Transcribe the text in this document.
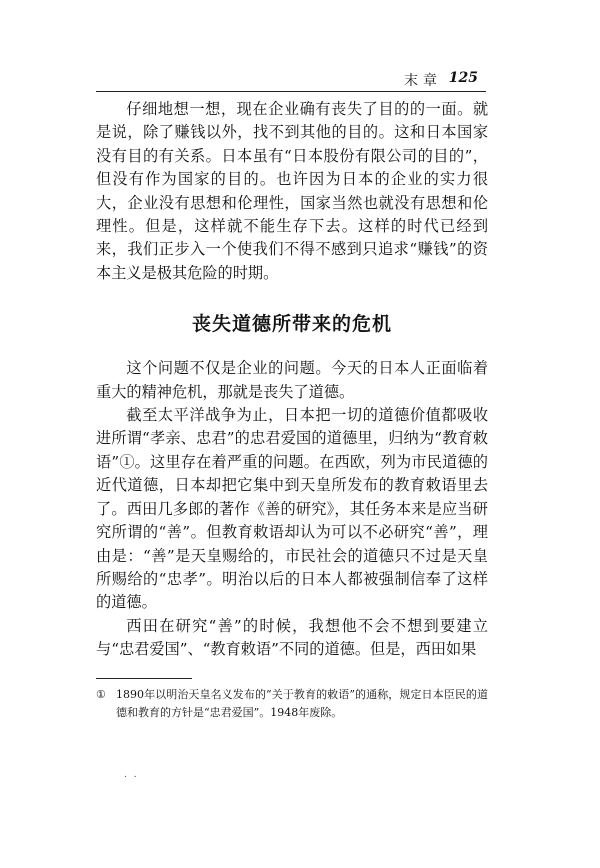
末章 125

仔细地想一想，现在企业确有丧失了目的的一面。就是说，除了赚钱以外，找不到其他的目的。这和日本国家没有目的有关系。日本虽有“日本股份有限公司的目的”，但没有作为国家的目的。也许因为日本的企业的实力很大，企业没有思想和伦理性，国家当然也就没有思想和伦理性。但是，这样就不能生存下去。这样的时代已经到来，我们正步入一个使我们不得不感到只追求“赚钱”的资本主义是极其危险的时期。

丧失道德所带来的危机

这个问题不仅是企业的问题。今天的日本人正面临着重大的精神危机，那就是丧失了道德。

截至太平洋战争为止，日本把一切的道德价值都吸收进所谓“孝亲、忠君”的忠君爱国的道德里，归纳为“教育敕语”①。这里存在着严重的问题。在西欧，列为市民道德的近代道德，日本却把它集中到天皇所发布的教育敕语里去了。西田几多郎的著作《善的研究》，其任务本来是应当研究所谓的“善”。但教育敕语却认为可以不必研究“善”，理由是：“善”是天皇赐给的，市民社会的道德只不过是天皇所赐给的“忠孝”。明治以后的日本人都被强制信奉了这样的道德。

西田在研究“善”的时候，我想他不会不想到要建立与“忠君爱国”、“教育敕语”不同的道德。但是，西田如果

① 1890年以明治天皇名义发布的“关于教育的敕语”的通称，规定日本臣民的道德和教育的方针是“忠君爱国”。1948年废除。
. .
